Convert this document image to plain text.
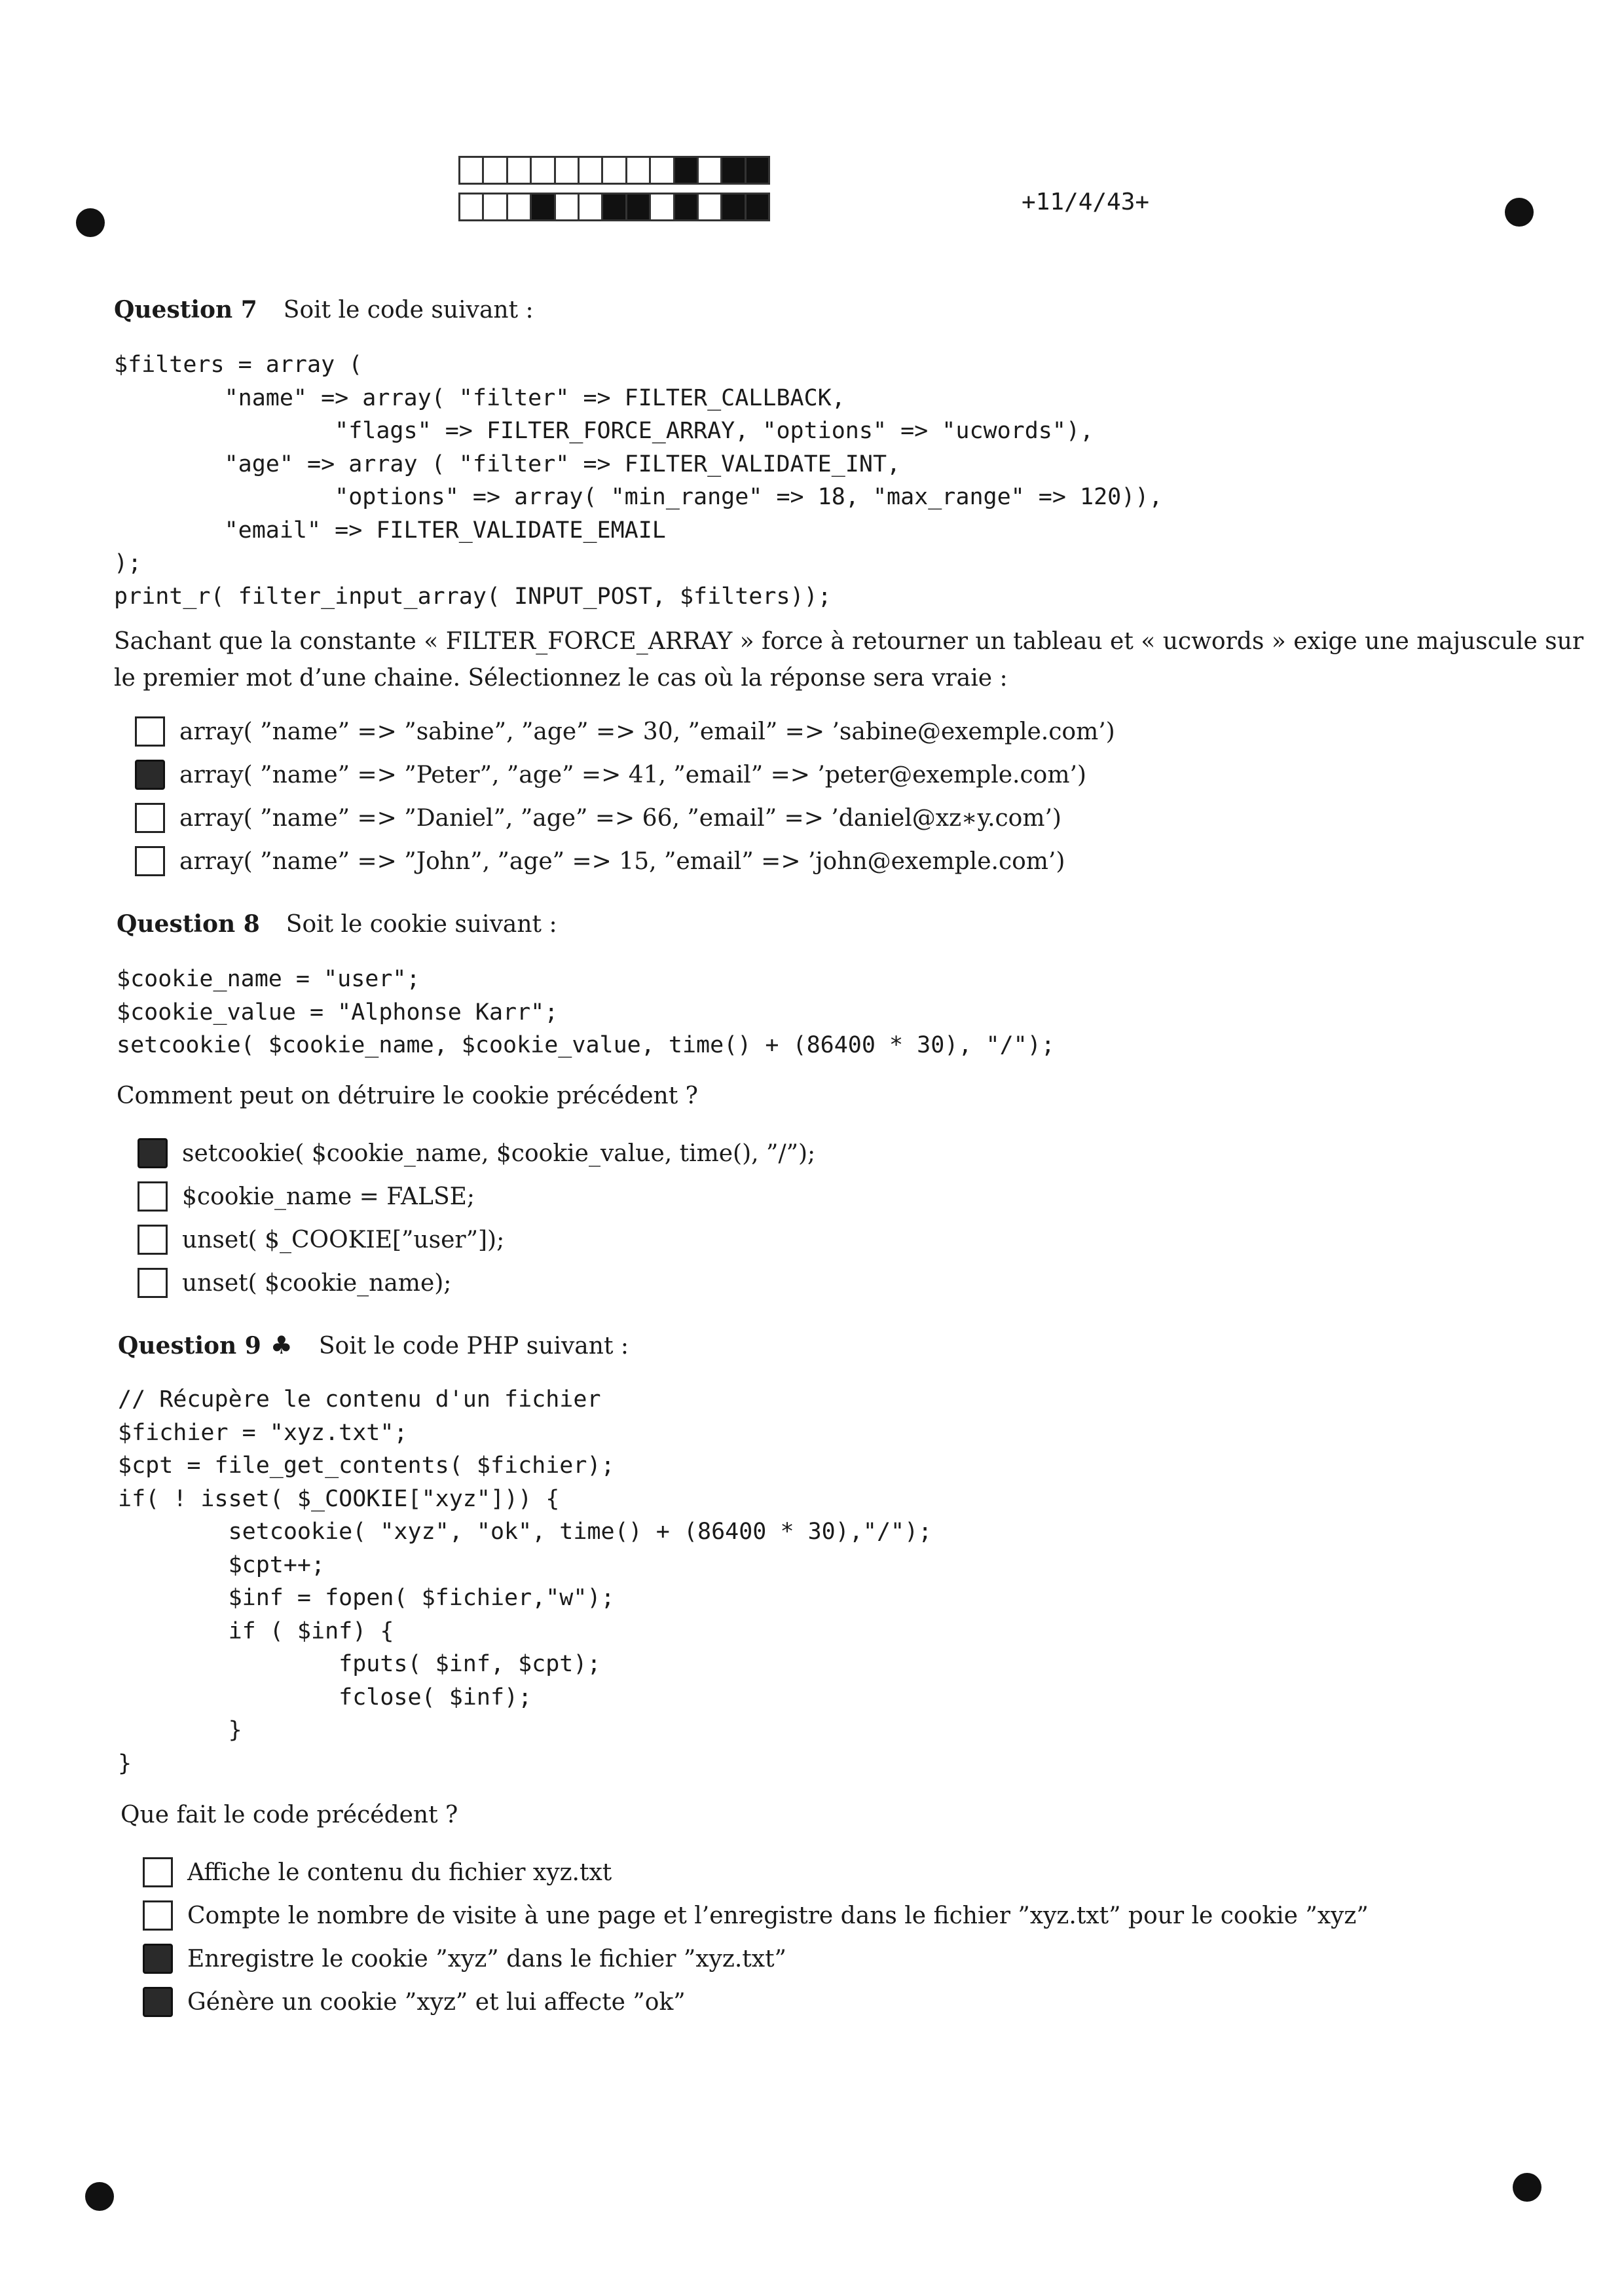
+11/4/43+
Question 7 Soit le code suivant :
$filters = array (
"name" => array( "filter" => FILTER_CALLBACK,
"flags" => FILTER_FORCE_ARRAY, "options" => "ucwords"),
"age" => array ( "filter" => FILTER_VALIDATE_INT,
"options" => array( "min_range" => 18, "max_range" => 120)),
"email" => FILTER_VALIDATE_EMAIL
);
print_r( filter_input_array( INPUT_POST, $filters));
Sachant que la constante « FILTER_FORCE_ARRAY » force à retourner un tableau et « ucwords » exige une majuscule sur le premier mot d’une chaine. Sélectionnez le cas où la réponse sera vraie :
array( ”name” => ”sabine”, ”age” => 30, ”email” => ’sabine@exemple.com’)
array( ”name” => ”Peter”, ”age” => 41, ”email” => ’peter@exemple.com’)
array( ”name” => ”Daniel”, ”age” => 66, ”email” => ’daniel@xz∗y.com’)
array( ”name” => ”John”, ”age” => 15, ”email” => ’john@exemple.com’)
Question 8 Soit le cookie suivant :
$cookie_name = "user";
$cookie_value = "Alphonse Karr";
setcookie( $cookie_name, $cookie_value, time() + (86400 * 30), "/");
Comment peut on détruire le cookie précédent ?
setcookie( $cookie_name, $cookie_value, time(), ”/”);
$cookie_name = FALSE;
unset( $_COOKIE[”user”]);
unset( $cookie_name);
Question 9 ♣ Soit le code PHP suivant :
// Récupère le contenu d'un fichier
$fichier = "xyz.txt";
$cpt = file_get_contents( $fichier);
if( ! isset( $_COOKIE["xyz"])) {
setcookie( "xyz", "ok", time() + (86400 * 30),"/");
$cpt++;
$inf = fopen( $fichier,"w");
if ( $inf) {
fputs( $inf, $cpt);
fclose( $inf);
}
}
Que fait le code précédent ?
Affiche le contenu du fichier xyz.txt
Compte le nombre de visite à une page et l’enregistre dans le fichier ”xyz.txt” pour le cookie ”xyz”
Enregistre le cookie ”xyz” dans le fichier ”xyz.txt”
Génère un cookie ”xyz” et lui affecte ”ok”
